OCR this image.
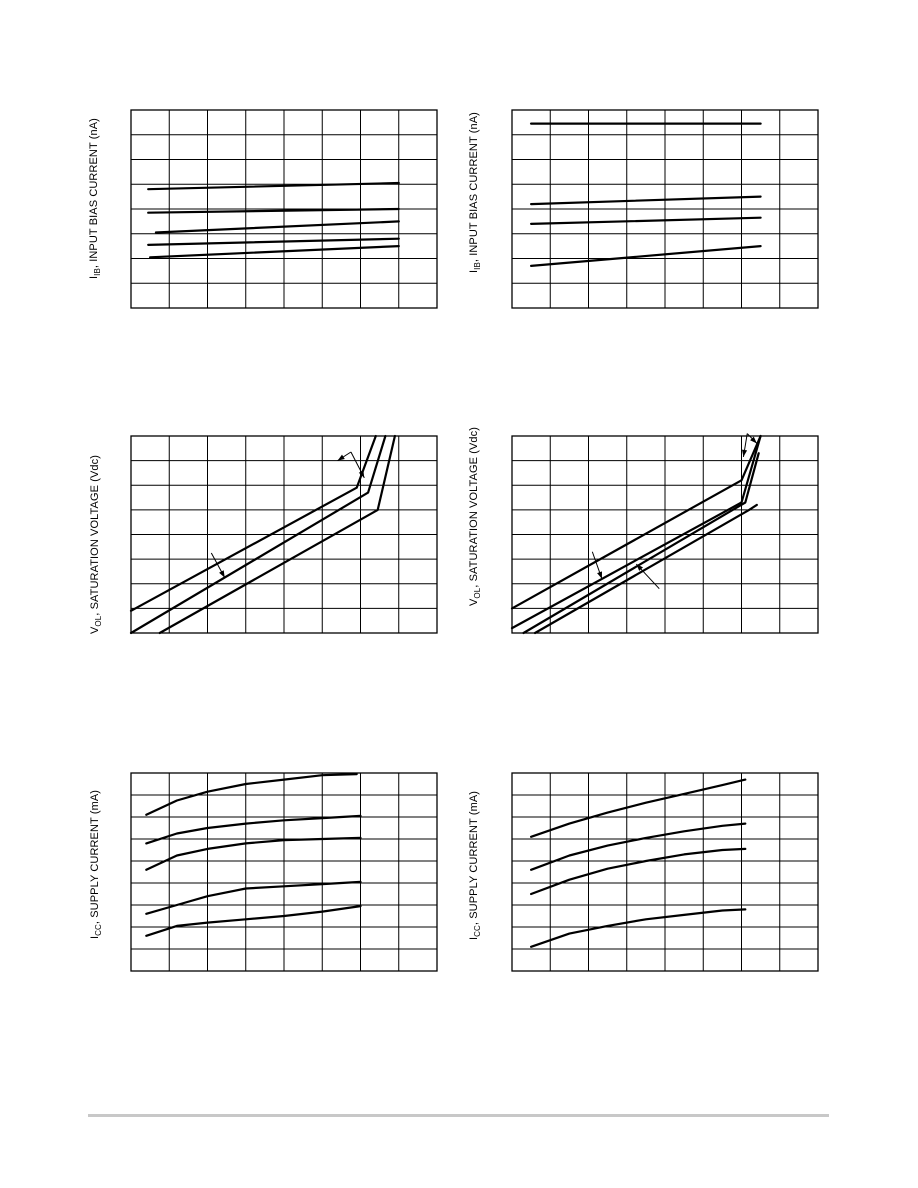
$I_{IB}$, INPUT BIAS CURRENT (nA)
$I_{IB}$, INPUT BIAS CURRENT (nA)
$V_{OL}$, SATURATION VOLTAGE (Vdc)	$V_{OL}$, SATURATION VOLTAGE (Vdc)
$I_{CC}$, SUPPLY CURRENT (mA)
$I_{CC}$, SUPPLY CURRENT (mA)
